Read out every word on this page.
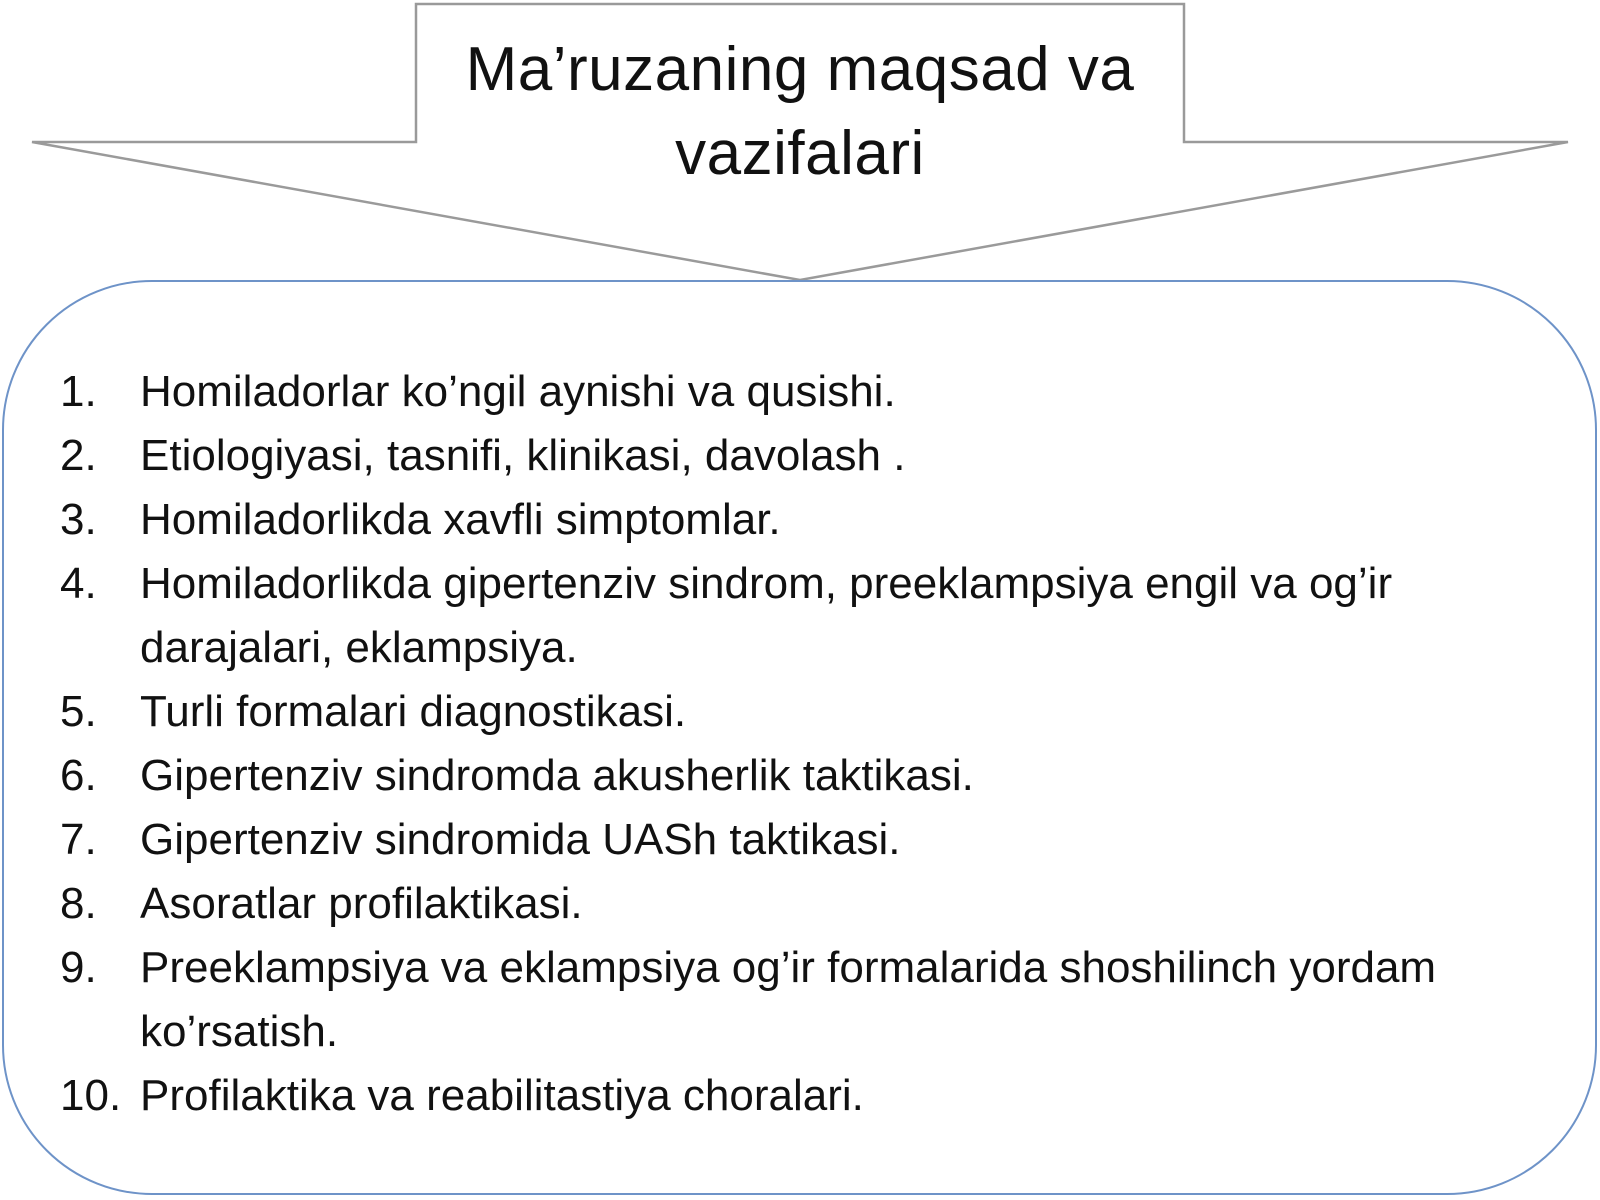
Ma’ruzaning maqsad va
vazifalari
1. Homiladorlar ko’ngil aynishi va qusishi.
2. Etiologiyasi, tasnifi, klinikasi, davolash .
3. Homiladorlikda xavfli simptomlar.
4. Homiladorlikda gipertenziv sindrom, preeklampsiya engil va og’ir darajalari, eklampsiya.
5. Turli formalari diagnostikasi.
6. Gipertenziv sindromda akusherlik taktikasi.
7. Gipertenziv sindromida UASh taktikasi.
8. Asoratlar profilaktikasi.
9. Preeklampsiya va eklampsiya og’ir formalarida shoshilinch yordam ko’rsatish.
10. Profilaktika va reabilitastiya choralari.
